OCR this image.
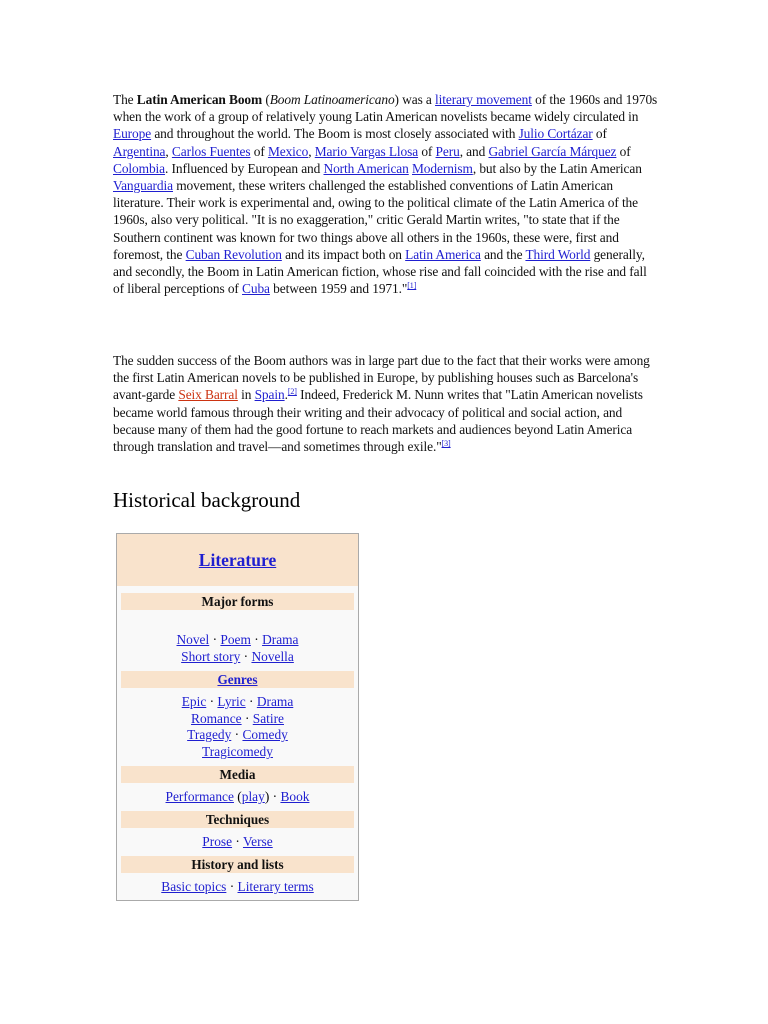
The Latin American Boom (Boom Latinoamericano) was a literary movement of the 1960s and 1970s when the work of a group of relatively young Latin American novelists became widely circulated in Europe and throughout the world. The Boom is most closely associated with Julio Cortázar of Argentina, Carlos Fuentes of Mexico, Mario Vargas Llosa of Peru, and Gabriel García Márquez of Colombia. Influenced by European and North American Modernism, but also by the Latin American Vanguardia movement, these writers challenged the established conventions of Latin American literature. Their work is experimental and, owing to the political climate of the Latin America of the 1960s, also very political. "It is no exaggeration," critic Gerald Martin writes, "to state that if the Southern continent was known for two things above all others in the 1960s, these were, first and foremost, the Cuban Revolution and its impact both on Latin America and the Third World generally, and secondly, the Boom in Latin American fiction, whose rise and fall coincided with the rise and fall of liberal perceptions of Cuba between 1959 and 1971."[1]

The sudden success of the Boom authors was in large part due to the fact that their works were among the first Latin American novels to be published in Europe, by publishing houses such as Barcelona's avant-garde Seix Barral in Spain.[2] Indeed, Frederick M. Nunn writes that "Latin American novelists became world famous through their writing and their advocacy of political and social action, and because many of them had the good fortune to reach markets and audiences beyond Latin America through translation and travel—and sometimes through exile."[3]

Historical background
Literature
Major forms
Novel · Poem · Drama
Short story · Novella
Genres
Epic · Lyric · Drama
Romance · Satire
Tragedy · Comedy
Tragicomedy
Media
Performance (play) · Book
Techniques
Prose · Verse
History and lists
Basic topics · Literary terms
